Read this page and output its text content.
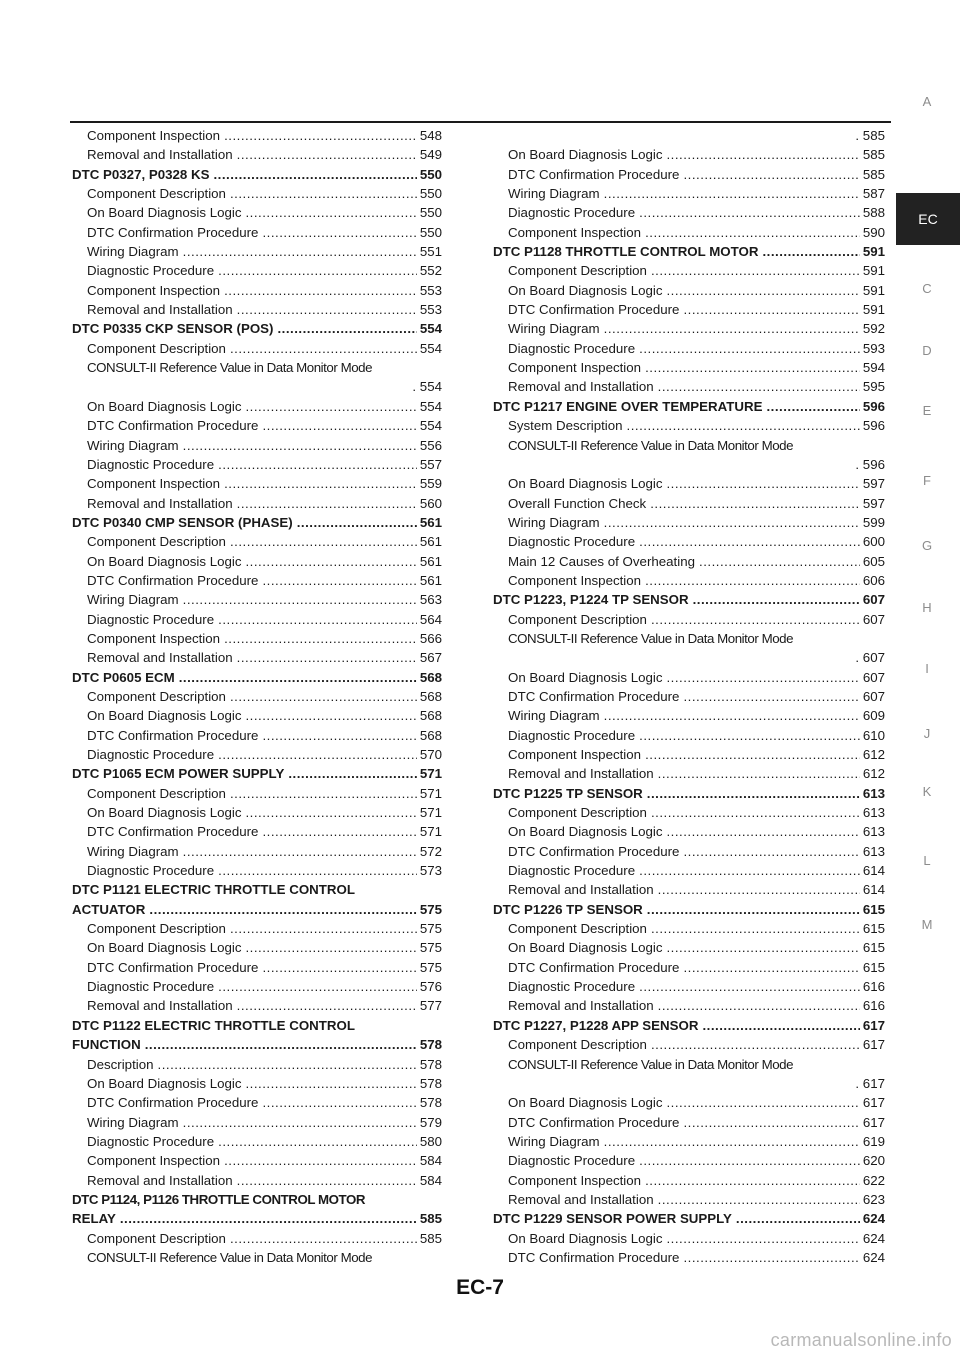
Component Inspection . . .	548
Removal and Installation . . .	549
DTC P0327, P0328 KS . . .	550
Component Description . . .	550
On Board Diagnosis Logic . . .	550
DTC Confirmation Procedure . . .	550
Wiring Diagram . . .	551
Diagnostic Procedure . . .	552
Component Inspection . . .	553
Removal and Installation . . .	553
DTC P0335 CKP SENSOR (POS) . . .	554
Component Description . . .	554
CONSULT-II Reference Value in Data Monitor Mode
. 554
On Board Diagnosis Logic . . .	554
DTC Confirmation Procedure . . .	554
Wiring Diagram . . .	556
Diagnostic Procedure . . .	557
Component Inspection . . .	559
Removal and Installation . . .	560
DTC P0340 CMP SENSOR (PHASE) . . .	561
Component Description . . .	561
On Board Diagnosis Logic . . .	561
DTC Confirmation Procedure . . .	561
Wiring Diagram . . .	563
Diagnostic Procedure . . .	564
Component Inspection . . .	566
Removal and Installation . . .	567
DTC P0605 ECM . . .	568
Component Description . . .	568
On Board Diagnosis Logic . . .	568
DTC Confirmation Procedure . . .	568
Diagnostic Procedure . . .	570
DTC P1065 ECM POWER SUPPLY . . .	571
Component Description . . .	571
On Board Diagnosis Logic . . .	571
DTC Confirmation Procedure . . .	571
Wiring Diagram . . .	572
Diagnostic Procedure . . .	573
DTC P1121 ELECTRIC THROTTLE CONTROL
ACTUATOR . . .	575
Component Description . . .	575
On Board Diagnosis Logic . . .	575
DTC Confirmation Procedure . . .	575
Diagnostic Procedure . . .	576
Removal and Installation . . .	577
DTC P1122 ELECTRIC THROTTLE CONTROL
FUNCTION . . .	578
Description . . .	578
On Board Diagnosis Logic . . .	578
DTC Confirmation Procedure . . .	578
Wiring Diagram . . .	579
Diagnostic Procedure . . .	580
Component Inspection . . .	584
Removal and Installation . . .	584
DTC P1124, P1126 THROTTLE CONTROL MOTOR
RELAY . . .	585
Component Description . . .	585
CONSULT-II Reference Value in Data Monitor Mode
. 585
On Board Diagnosis Logic . . .	585
DTC Confirmation Procedure . . .	585
Wiring Diagram . . .	587
Diagnostic Procedure . . .	588
Component Inspection . . .	590
DTC P1128 THROTTLE CONTROL MOTOR . . .	591
Component Description . . .	591
On Board Diagnosis Logic . . .	591
DTC Confirmation Procedure . . .	591
Wiring Diagram . . .	592
Diagnostic Procedure . . .	593
Component Inspection . . .	594
Removal and Installation . . .	595
DTC P1217 ENGINE OVER TEMPERATURE . . .	596
System Description . . .	596
CONSULT-II Reference Value in Data Monitor Mode
. 596
On Board Diagnosis Logic . . .	597
Overall Function Check . . .	597
Wiring Diagram . . .	599
Diagnostic Procedure . . .	600
Main 12 Causes of Overheating . . .	605
Component Inspection . . .	606
DTC P1223, P1224 TP SENSOR . . .	607
Component Description . . .	607
CONSULT-II Reference Value in Data Monitor Mode
. 607
On Board Diagnosis Logic . . .	607
DTC Confirmation Procedure . . .	607
Wiring Diagram . . .	609
Diagnostic Procedure . . .	610
Component Inspection . . .	612
Removal and Installation . . .	612
DTC P1225 TP SENSOR . . .	613
Component Description . . .	613
On Board Diagnosis Logic . . .	613
DTC Confirmation Procedure . . .	613
Diagnostic Procedure . . .	614
Removal and Installation . . .	614
DTC P1226 TP SENSOR . . .	615
Component Description . . .	615
On Board Diagnosis Logic . . .	615
DTC Confirmation Procedure . . .	615
Diagnostic Procedure . . .	616
Removal and Installation . . .	616
DTC P1227, P1228 APP SENSOR . . .	617
Component Description . . .	617
CONSULT-II Reference Value in Data Monitor Mode
. 617
On Board Diagnosis Logic . . .	617
DTC Confirmation Procedure . . .	617
Wiring Diagram . . .	619
Diagnostic Procedure . . .	620
Component Inspection . . .	622
Removal and Installation . . .	623
DTC P1229 SENSOR POWER SUPPLY . . .	624
On Board Diagnosis Logic . . .	624
DTC Confirmation Procedure . . .	624
A
EC
C
D
E
F
G
H
I
J
K
L
M
EC-7
carmanualsonline.info
